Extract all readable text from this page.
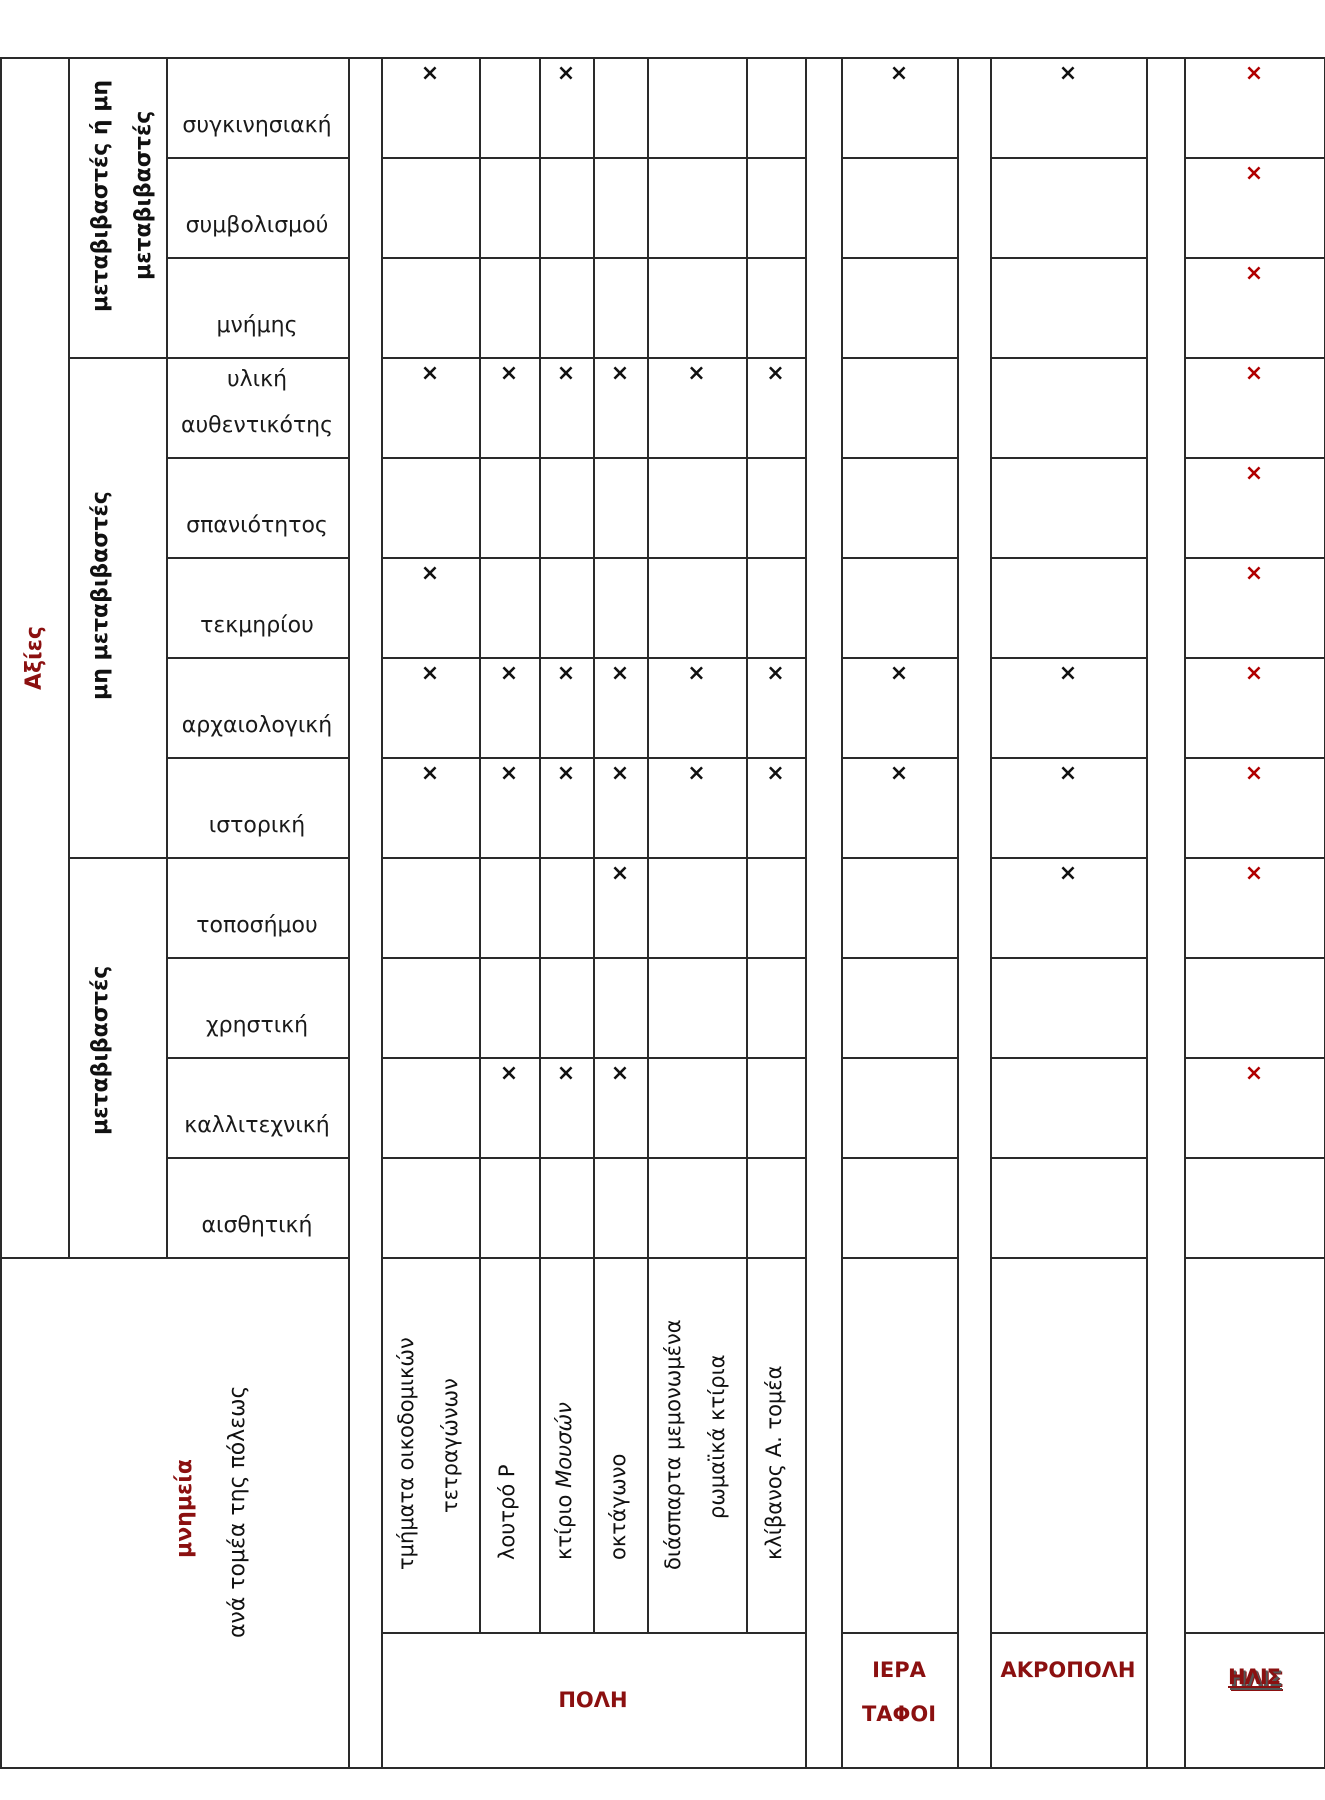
Αξίες
μεταβιβαστές ή μη μεταβιβαστές
μη μεταβιβαστές
μεταβιβαστές
μνημεία ανά τομέα της πόλεως
ΠΟΛΗ
ΙΕΡΑ
ΤΑΦΟΙ
ΑΚΡΟΠΟΛΗ	ΗΛΙΣ
συγκινησιακή
συμβολισμού
μνήμης
υλική
αυθεντικότης
σπανιότητος
τεκμηρίου
αρχαιολογική
ιστορική
τοποσήμου
χρηστική
καλλιτεχνική
αισθητική
×
×
×
×
×
×
×
×
×
×
×
×
×
×
×
×
×
×
×
×
×
×
×
×
×
×
×
×
×
×
×
×
×
×
×
×
×
×
×
×
×
×
τμήματα οικοδομικών τετραγώνων λουτρό Ρ κτίριο Μουσών
οκτάγωνο διάσπαρτα μεμονωμένα ρωμαϊκά κτίρια κλίβανος Α. τομέα
